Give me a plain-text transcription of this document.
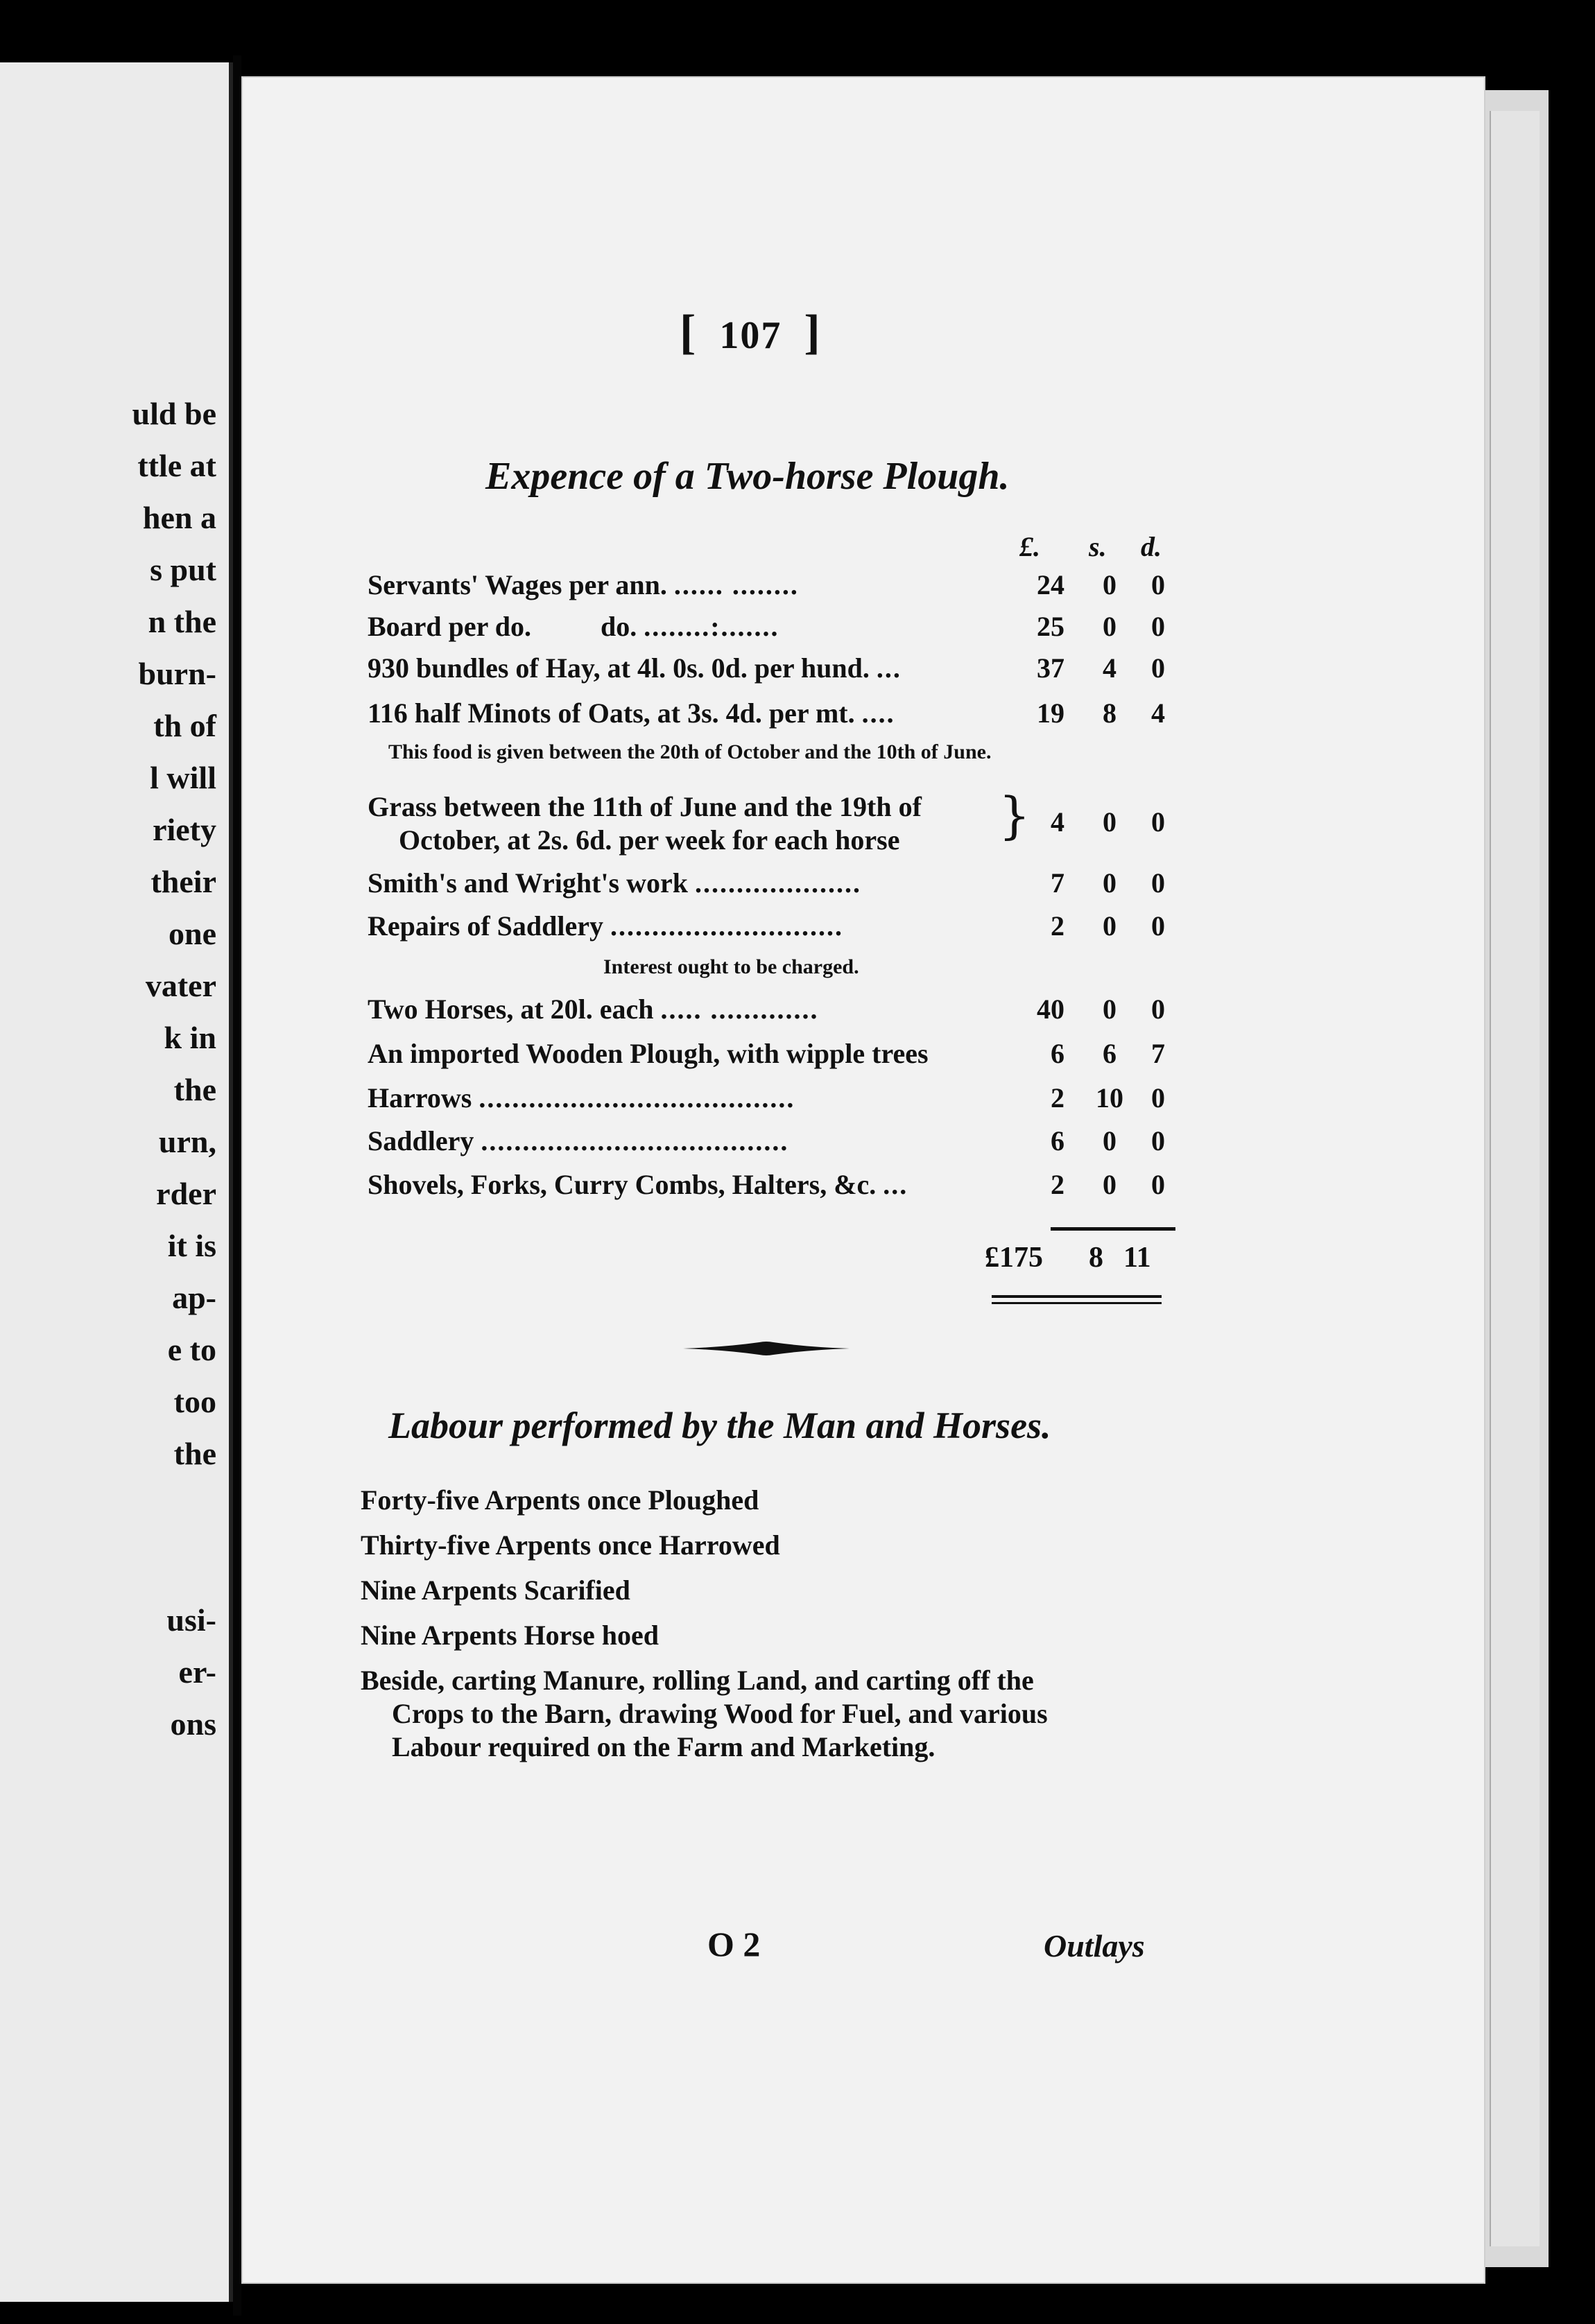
uld be
ttle at
hen a
s put
n the
burn-
th of
l will
riety
their
one
vater
k in
the
urn,
rder
it is
ap-
e to
too
the
usi-
er-
ons
[ 107 ]
Expence of a Two-horse Plough.
£. s. d.
Servants' Wages per ann. ...... ........	24	0	0
Board per do.          do. ........:.......	25	0	0
930 bundles of Hay, at 4l. 0s. 0d. per hund. ...	37	4	0
116 half Minots of Oats, at 3s. 4d. per mt. ....	19	8	4
This food is given between the 20th of October and the 10th of June.
Grass between the 11th of June and the 19th of
October, at 2s. 6d. per week for each horse } 4	0	0
Smith's and Wright's work ....................	7	0	0
Repairs of Saddlery ............................	2	0	0
Interest ought to be charged.
Two Horses, at 20l. each ..... .............	40	0	0
An imported Wooden Plough, with wipple trees	6	6	7
Harrows ......................................	2	10	0
Saddlery .....................................	6	0	0
Shovels, Forks, Curry Combs, Halters, &c. ...	2	0	0
£175 8 11
Labour performed by the Man and Horses.
Forty-five Arpents once Ploughed
Thirty-five Arpents once Harrowed
Nine Arpents Scarified
Nine Arpents Horse hoed
Beside, carting Manure, rolling Land, and carting off the
Crops to the Barn, drawing Wood for Fuel, and various
Labour required on the Farm and Marketing.
O 2	Outlays
